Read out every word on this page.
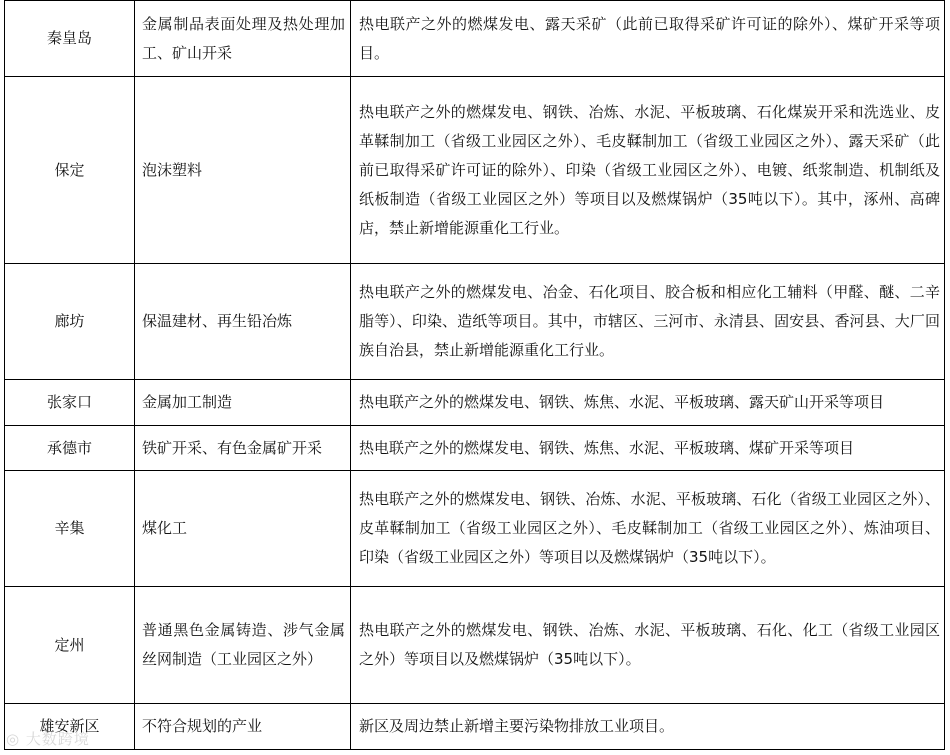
秦皇岛	金属制品表面处理及热处理加工、矿山开采	热电联产之外的燃煤发电、露天采矿（此前已取得采矿许可证的除外）、煤矿开采等项目。
保定	泡沫塑料	热电联产之外的燃煤发电、钢铁、冶炼、水泥、平板玻璃、石化煤炭开采和洗选业、皮革鞣制加工（省级工业园区之外）、毛皮鞣制加工（省级工业园区之外）、露天采矿（此前已取得采矿许可证的除外）、印染（省级工业园区之外）、电镀、纸浆制造、机制纸及纸板制造（省级工业园区之外）等项目以及燃煤锅炉（35吨以下）。其中，涿州、高碑店，禁止新增能源重化工行业。
廊坊	保温建材、再生铅冶炼	热电联产之外的燃煤发电、冶金、石化项目、胶合板和相应化工辅料（甲醛、醚、二辛脂等）、印染、造纸等项目。其中，市辖区、三河市、永清县、固安县、香河县、大厂回族自治县，禁止新增能源重化工行业。
张家口	金属加工制造	热电联产之外的燃煤发电、钢铁、炼焦、水泥、平板玻璃、露天矿山开采等项目
承德市	铁矿开采、有色金属矿开采	热电联产之外的燃煤发电、钢铁、炼焦、水泥、平板玻璃、煤矿开采等项目
辛集	煤化工	热电联产之外的燃煤发电、钢铁、冶炼、水泥、平板玻璃、石化（省级工业园区之外）、皮革鞣制加工（省级工业园区之外）、毛皮鞣制加工（省级工业园区之外）、炼油项目、印染（省级工业园区之外）等项目以及燃煤锅炉（35吨以下）。
定州	普通黑色金属铸造、涉气金属丝网制造（工业园区之外）	热电联产之外的燃煤发电、钢铁、冶炼、水泥、平板玻璃、石化、化工（省级工业园区之外）等项目以及燃煤锅炉（35吨以下）。
雄安新区	不符合规划的产业	新区及周边禁止新增主要污染物排放工业项目。
◎ 大数跨境
